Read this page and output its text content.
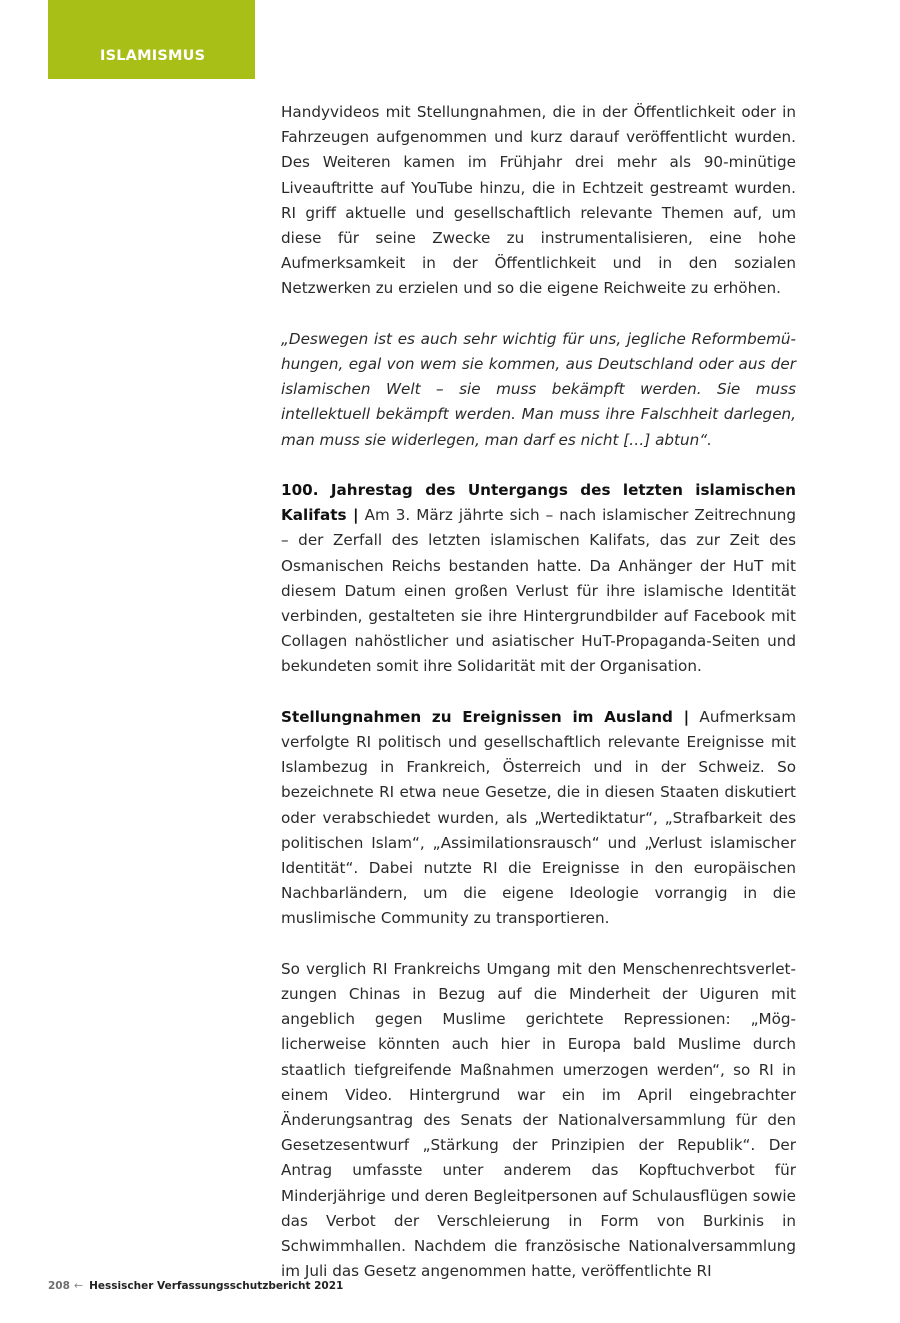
ISLAMISMUS

Handyvideos mit Stellungnahmen, die in der Öffentlichkeit oder in Fahrzeugen aufgenommen und kurz darauf veröffentlicht wurden. Des Weiteren kamen im Frühjahr drei mehr als 90-minütige Liveauftritte auf YouTube hinzu, die in Echtzeit gestreamt wurden. RI griff aktuelle und gesellschaftlich relevante Themen auf, um diese für seine Zwecke zu instrumentalisieren, eine hohe Aufmerksamkeit in der Öffentlichkeit und in den sozialen Netzwerken zu erzielen und so die eigene Reichweite zu erhöhen.

„Deswegen ist es auch sehr wichtig für uns, jegliche Reformbemühungen, egal von wem sie kommen, aus Deutschland oder aus der islamischen Welt – sie muss bekämpft werden. Sie muss intellektuell bekämpft werden. Man muss ihre Falschheit darlegen, man muss sie widerlegen, man darf es nicht […] abtun“.

100. Jahrestag des Untergangs des letzten islamischen Kalifats | Am 3. März jährte sich – nach islamischer Zeitrechnung – der Zerfall des letzten islamischen Kalifats, das zur Zeit des Osmanischen Reichs bestanden hatte. Da Anhänger der HuT mit diesem Datum einen großen Verlust für ihre islamische Identität verbinden, gestalteten sie ihre Hintergrundbilder auf Facebook mit Collagen nahöstlicher und asiatischer HuT-Propaganda-Seiten und bekundeten somit ihre Solidarität mit der Organisation.

Stellungnahmen zu Ereignissen im Ausland | Aufmerksam verfolgte RI politisch und gesellschaftlich relevante Ereignisse mit Islambezug in Frankreich, Österreich und in der Schweiz. So bezeichnete RI etwa neue Gesetze, die in diesen Staaten diskutiert oder verabschiedet wurden, als „Wertediktatur“, „Strafbarkeit des politischen Islam“, „Assimilationsrausch“ und „Verlust islamischer Identität“. Dabei nutzte RI die Ereignisse in den europäischen Nachbarländern, um die eigene Ideologie vorrangig in die muslimische Community zu transportieren.

So verglich RI Frankreichs Umgang mit den Menschenrechtsverletzungen Chinas in Bezug auf die Minderheit der Uiguren mit angeblich gegen Muslime gerichtete Repressionen: „Möglicherweise könnten auch hier in Europa bald Muslime durch staatlich tiefgreifende Maßnahmen umerzogen werden“, so RI in einem Video. Hintergrund war ein im April eingebrachter Änderungsantrag des Senats der Nationalversammlung für den Gesetzesentwurf „Stärkung der Prinzipien der Republik“. Der Antrag umfasste unter anderem das Kopftuchverbot für Minderjährige und deren Begleitpersonen auf Schulausflügen sowie das Verbot der Verschleierung in Form von Burkinis in Schwimmhallen. Nachdem die französische Nationalversammlung im Juli das Gesetz angenommen hatte, veröffentlichte RI

208 ← Hessischer Verfassungsschutzbericht 2021
